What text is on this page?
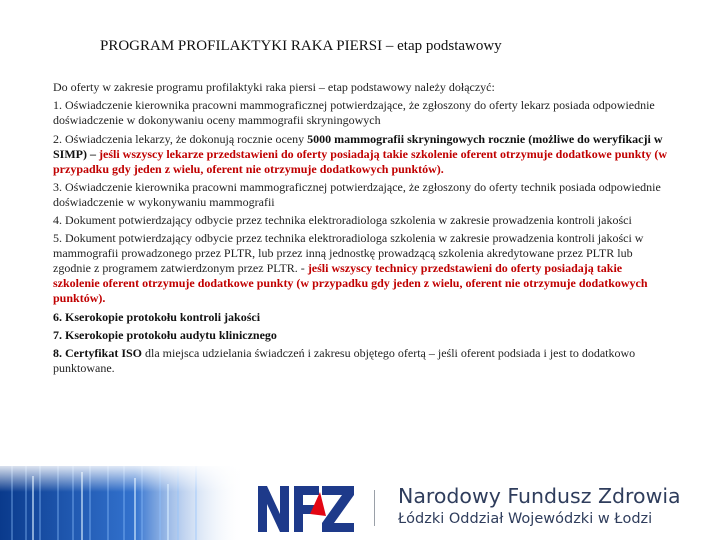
PROGRAM PROFILAKTYKI RAKA PIERSI – etap podstawowy

Do oferty w zakresie programu profilaktyki raka piersi – etap podstawowy należy dołączyć:

1. Oświadczenie kierownika pracowni mammograficznej potwierdzające, że zgłoszony do oferty lekarz posiada odpowiednie doświadczenie w dokonywaniu oceny mammografii skryningowych

2. Oświadczenia lekarzy, że dokonują rocznie oceny 5000 mammografii skryningowych rocznie (możliwe do weryfikacji w SIMP) – jeśli wszyscy lekarze przedstawieni do oferty posiadają takie szkolenie oferent otrzymuje dodatkowe punkty (w przypadku gdy jeden z wielu, oferent nie otrzymuje dodatkowych punktów).

3. Oświadczenie kierownika pracowni mammograficznej potwierdzające, że zgłoszony do oferty technik posiada odpowiednie doświadczenie w wykonywaniu mammografii

4. Dokument potwierdzający odbycie przez technika elektroradiologa szkolenia w zakresie prowadzenia kontroli jakości

5. Dokument potwierdzający odbycie przez technika elektroradiologa szkolenia w zakresie prowadzenia kontroli jakości w mammografii prowadzonego przez PLTR, lub przez inną jednostkę prowadzącą szkolenia akredytowane przez PLTR lub zgodnie z programem zatwierdzonym przez PLTR. - jeśli wszyscy technicy przedstawieni do oferty posiadają takie szkolenie oferent otrzymuje dodatkowe punkty (w przypadku gdy jeden z wielu, oferent nie otrzymuje dodatkowych punktów).

6. Kserokopie protokołu kontroli jakości

7. Kserokopie protokołu audytu klinicznego

8. Certyfikat ISO dla miejsca udzielania świadczeń i zakresu objętego ofertą – jeśli oferent podsiada i jest to dodatkowo punktowane.

Narodowy Fundusz Zdrowia
Łódzki Oddział Wojewódzki w Łodzi
